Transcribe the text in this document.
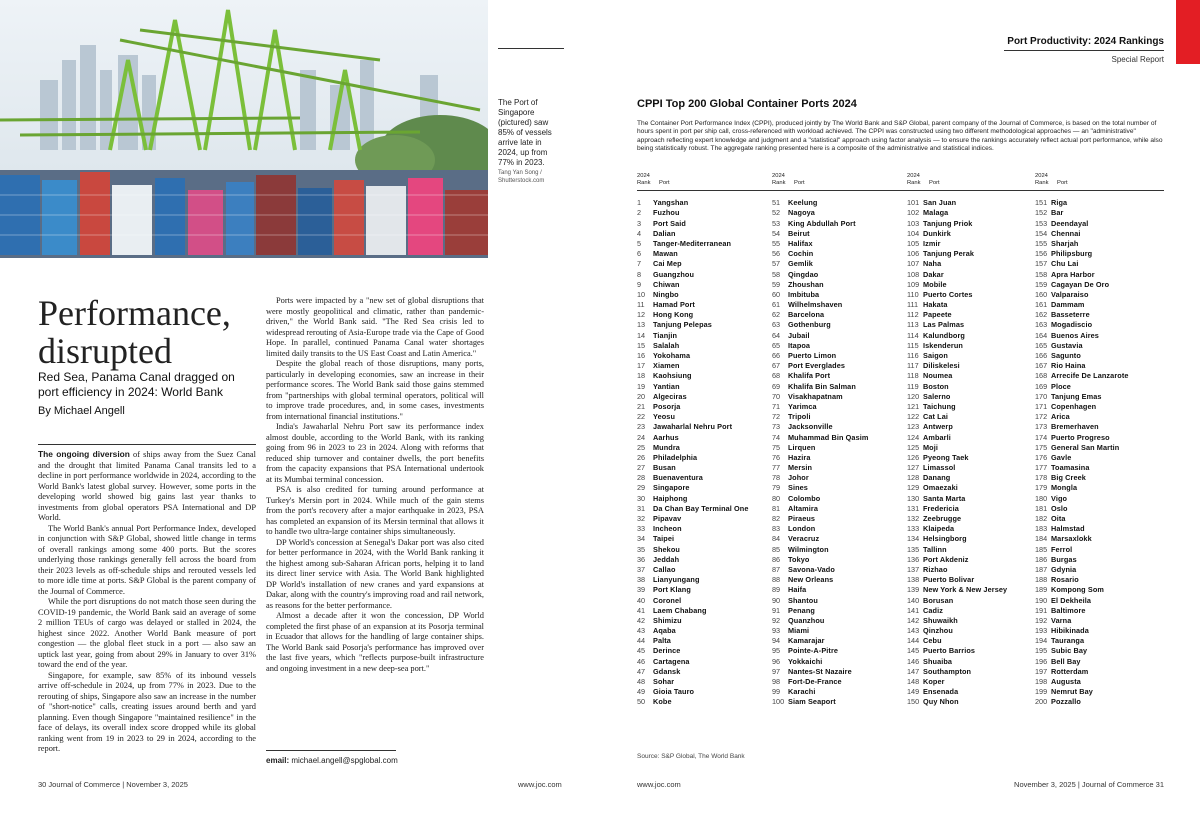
The Port of Singapore (pictured) saw 85% of vessels arrive late in 2024, up from 77% in 2023.
Tang Yan Song / Shutterstock.com
Performance, disrupted
Red Sea, Panama Canal dragged on port efficiency in 2024: World Bank
By Michael Angell

The ongoing diversion of ships away from the Suez Canal and the drought that limited Panama Canal transits led to a decline in port performance worldwide in 2024, according to the World Bank's latest global survey. However, some ports in the developing world showed big gains last year thanks to investments from global operators PSA International and DP World.

The World Bank's annual Port Performance Index, developed in conjunction with S&P Global, showed little change in terms of overall rankings among some 400 ports. But the scores underlying those rankings generally fell across the board from their 2023 levels as off-schedule ships and rerouted vessels led to more idle time at ports. S&P Global is the parent company of the Journal of Commerce.

While the port disruptions do not match those seen during the COVID-19 pandemic, the World Bank said an average of some 2 million TEUs of cargo was delayed or stalled in 2024, the highest since 2022. Another World Bank measure of port congestion — the global fleet stuck in a port — also saw an uptick last year, going from about 29% in January to over 31% toward the end of the year.

Singapore, for example, saw 85% of its inbound vessels arrive off-schedule in 2024, up from 77% in 2023. Due to the rerouting of ships, Singapore also saw an increase in the number of "short-notice" calls, creating issues around berth and yard planning. Even though Singapore "maintained resilience" in the face of delays, its overall index score dropped while its global ranking went from 19 in 2023 to 29 in 2024, according to the report.

Ports were impacted by a "new set of global disruptions that were mostly geopolitical and climatic, rather than pandemic-driven," the World Bank said. "The Red Sea crisis led to widespread rerouting of Asia-Europe trade via the Cape of Good Hope. In parallel, continued Panama Canal water shortages limited daily transits to the US East Coast and Latin America."

Despite the global reach of those disruptions, many ports, particularly in developing economies, saw an increase in their performance scores. The World Bank said those gains stemmed from "partnerships with global terminal operators, political will to improve trade procedures, and, in some cases, investments from international financial institutions."

India's Jawaharlal Nehru Port saw its performance index almost double, according to the World Bank, with its ranking going from 96 in 2023 to 23 in 2024. Along with reforms that reduced ship turnover and container dwells, the port benefits from the capacity expansions that PSA International undertook at its Mumbai terminal concession.

PSA is also credited for turning around performance at Turkey's Mersin port in 2024. While much of the gain stems from the port's recovery after a major earthquake in 2023, PSA has completed an expansion of its Mersin terminal that allows it to handle two ultra-large container ships simultaneously.

DP World's concession at Senegal's Dakar port was also cited for better performance in 2024, with the World Bank ranking it the highest among sub-Saharan African ports, helping it to land its direct liner service with Asia. The World Bank highlighted DP World's installation of new cranes and yard expansions at Dakar, along with the country's improving road and rail network, as reasons for the better performance.

Almost a decade after it won the concession, DP World completed the first phase of an expansion at its Posorja terminal in Ecuador that allows for the handling of large container ships. The World Bank said Posorja's performance has improved over the last five years, which "reflects purpose-built infrastructure and ongoing investment in a new deep-sea port."

email: michael.angell@spglobal.com
30 Journal of Commerce | November 3, 2025	www.joc.com	www.joc.com	November 3, 2025 | Journal of Commerce 31
Port Productivity: 2024 Rankings
Special Report
CPPI Top 200 Global Container Ports 2024
The Container Port Performance Index (CPPI), produced jointly by The World Bank and S&P Global, parent company of the Journal of Commerce, is based on the total number of hours spent in port per ship call, cross-referenced with workload achieved. The CPPI was constructed using two different methodological approaches — an "administrative" approach reflecting expert knowledge and judgment and a "statistical" approach using factor analysis — to ensure the rankings accurately reflect actual port performance, while also being statistically robust. The aggregate ranking presented here is a composite of the administrative and statistical indices.
2024
Rank Port
1 Yangshan
2 Fuzhou
3 Port Said
4 Dalian
5 Tanger-Mediterranean
6 Mawan
7 Cai Mep
8 Guangzhou
9 Chiwan
10 Ningbo
11 Hamad Port
12 Hong Kong
13 Tanjung Pelepas
14 Tianjin
15 Salalah
16 Yokohama
17 Xiamen
18 Kaohsiung
19 Yantian
20 Algeciras
21 Posorja
22 Yeosu
23 Jawaharlal Nehru Port
24 Aarhus
25 Mundra
26 Philadelphia
27 Busan
28 Buenaventura
29 Singapore
30 Haiphong
31 Da Chan Bay Terminal One
32 Pipavav
33 Incheon
34 Taipei
35 Shekou
36 Jeddah
37 Callao
38 Lianyungang
39 Port Klang
40 Coronel
41 Laem Chabang
42 Shimizu
43 Aqaba
44 Palta
45 Derince
46 Cartagena
47 Gdansk
48 Sohar
49 Gioia Tauro
50 Kobe
2024
Rank Port
51 Keelung
52 Nagoya
53 King Abdullah Port
54 Beirut
55 Halifax
56 Cochin
57 Gemlik
58 Qingdao
59 Zhoushan
60 Imbituba
61 Wilhelmshaven
62 Barcelona
63 Gothenburg
64 Jubail
65 Itapoa
66 Puerto Limon
67 Port Everglades
68 Khalifa Port
69 Khalifa Bin Salman
70 Visakhapatnam
71 Yarimca
72 Tripoli
73 Jacksonville
74 Muhammad Bin Qasim
75 Lirquen
76 Hazira
77 Mersin
78 Johor
79 Sines
80 Colombo
81 Altamira
82 Piraeus
83 London
84 Veracruz
85 Wilmington
86 Tokyo
87 Savona-Vado
88 New Orleans
89 Haifa
90 Shantou
91 Penang
92 Quanzhou
93 Miami
94 Kamarajar
95 Pointe-A-Pitre
96 Yokkaichi
97 Nantes-St Nazaire
98 Fort-De-France
99 Karachi
100 Siam Seaport
2024
Rank Port
101 San Juan
102 Malaga
103 Tanjung Priok
104 Dunkirk
105 Izmir
106 Tanjung Perak
107 Naha
108 Dakar
109 Mobile
110 Puerto Cortes
111 Hakata
112 Papeete
113 Las Palmas
114 Kalundborg
115 Iskenderun
116 Saigon
117 Diliskelesi
118 Noumea
119 Boston
120 Salerno
121 Taichung
122 Cat Lai
123 Antwerp
124 Ambarli
125 Moji
126 Pyeong Taek
127 Limassol
128 Danang
129 Omaezaki
130 Santa Marta
131 Fredericia
132 Zeebrugge
133 Klaipeda
134 Helsingborg
135 Tallinn
136 Port Akdeniz
137 Rizhao
138 Puerto Bolivar
139 New York & New Jersey
140 Borusan
141 Cadiz
142 Shuwaikh
143 Qinzhou
144 Cebu
145 Puerto Barrios
146 Shuaiba
147 Southampton
148 Koper
149 Ensenada
150 Quy Nhon
2024
Rank Port
151 Riga
152 Bar
153 Deendayal
154 Chennai
155 Sharjah
156 Philipsburg
157 Chu Lai
158 Apra Harbor
159 Cagayan De Oro
160 Valparaiso
161 Dammam
162 Basseterre
163 Mogadiscio
164 Buenos Aires
165 Gustavia
166 Sagunto
167 Rio Haina
168 Arrecife De Lanzarote
169 Ploce
170 Tanjung Emas
171 Copenhagen
172 Arica
173 Bremerhaven
174 Puerto Progreso
175 General San Martin
176 Gavle
177 Toamasina
178 Big Creek
179 Mongla
180 Vigo
181 Oslo
182 Oita
183 Halmstad
184 Marsaxlokk
185 Ferrol
186 Burgas
187 Gdynia
188 Rosario
189 Kompong Som
190 El Dekheila
191 Baltimore
192 Varna
193 Hibikinada
194 Tauranga
195 Subic Bay
196 Bell Bay
197 Rotterdam
198 Augusta
199 Nemrut Bay
200 Pozzallo
Source: S&P Global, The World Bank
